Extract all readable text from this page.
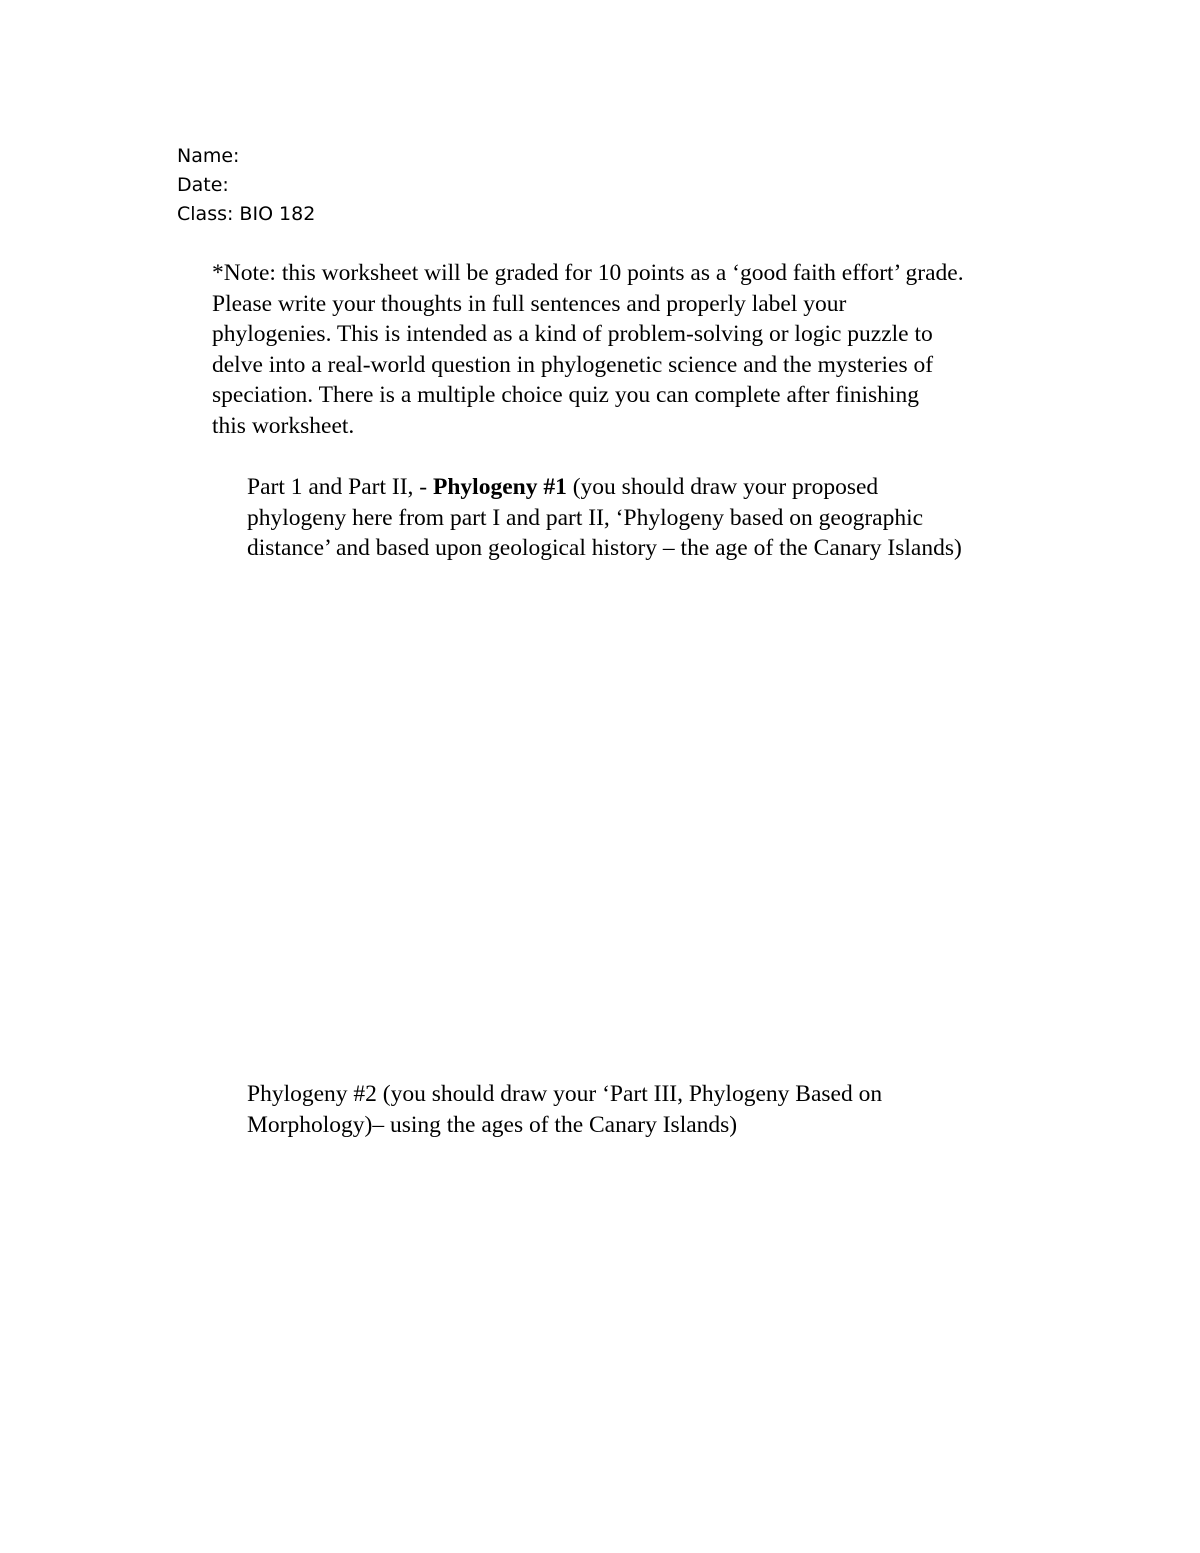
Name:
Date:
Class: BIO 182
*Note: this worksheet will be graded for 10 points as a ‘good faith effort’ grade.
Please write your thoughts in full sentences and properly label your
phylogenies. This is intended as a kind of problem-solving or logic puzzle to
delve into a real-world question in phylogenetic science and the mysteries of
speciation. There is a multiple choice quiz you can complete after finishing
this worksheet.
Part 1 and Part II, - Phylogeny #1 (you should draw your proposed
phylogeny here from part I and part II, ‘Phylogeny based on geographic
distance’ and based upon geological history – the age of the Canary Islands)
Phylogeny #2 (you should draw your ‘Part III, Phylogeny Based on
Morphology)– using the ages of the Canary Islands)
